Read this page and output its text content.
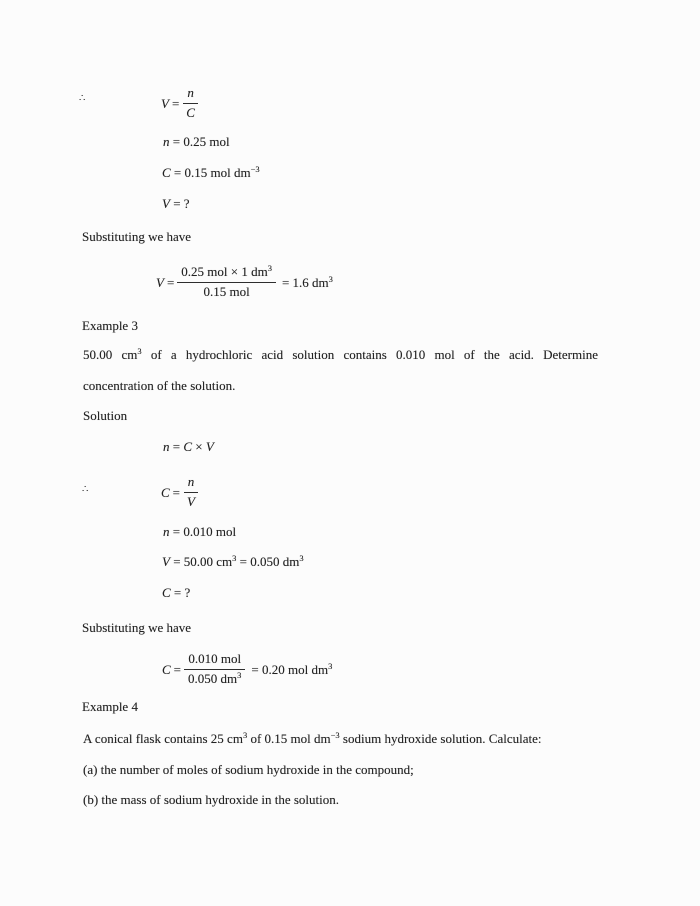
∴	$V = \frac{n}{C}$
n = 0.25 mol
C = 0.15 mol $dm^{-3}$
V = ?
Substituting we have
$V = \frac{0.25 mol \times 1 dm^3}{\text{0.15 mol}} = 1.6$ $dm^3$
Example 3
50.00 $cm^3$ of a hydrochloric acid solution contains 0.010 mol of the acid. Determine
concentration of the solution.
Solution
n = C × V
∴	$C = \frac{n}{V}$
n = 0.010 mol
V = 50.00 $cm^3 = 0.050$ $dm^3$
C = ?
Substituting we have
$C = \frac{\text{0.010 mol}}{0.050 dm^3} = 0.20$ mol $dm^3$
Example 4
A conical flask contains 25 $cm^3$ of 0.15 mol $dm^{-3}$ sodium hydroxide solution. Calculate:
(a) the number of moles of sodium hydroxide in the compound;
(b) the mass of sodium hydroxide in the solution.
